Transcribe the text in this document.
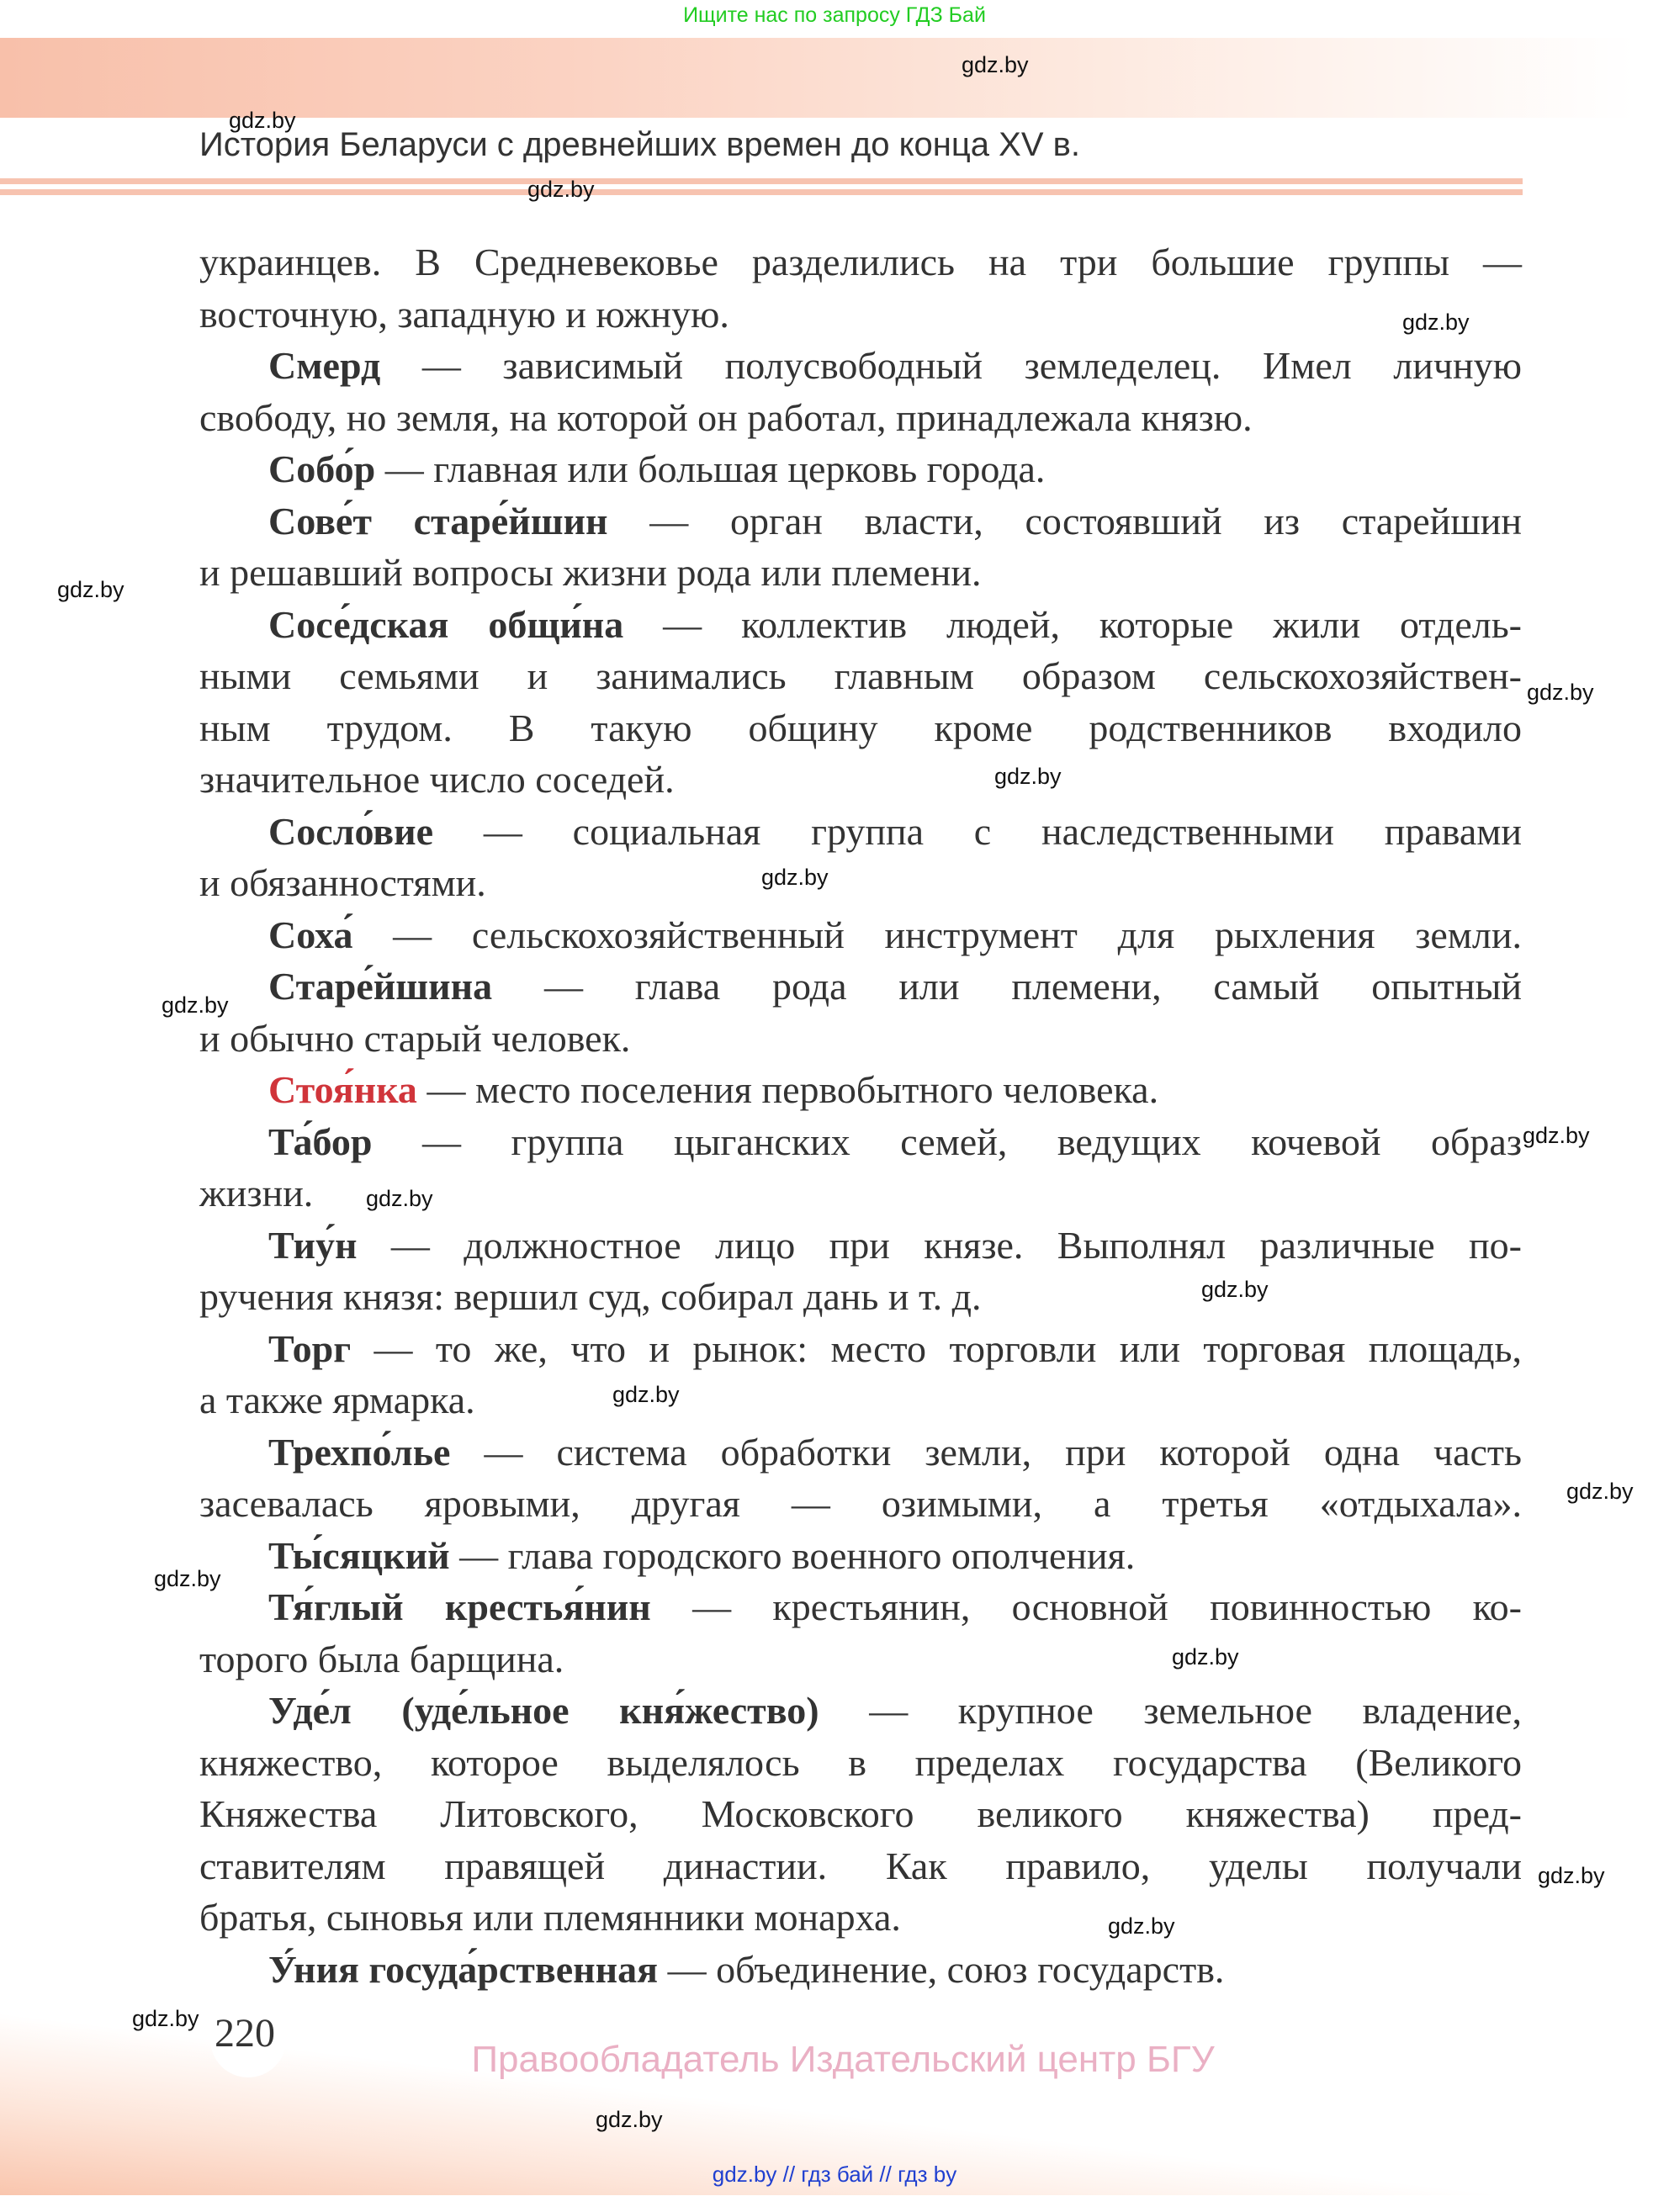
Ищите нас по запросу ГДЗ Бай
История Беларуси с древнейших времен до конца XV в.
украинцев. В Средневековье разделились на три большие группы —
восточную, западную и южную.
Смерд — зависимый полусвободный земледелец. Имел личную
свободу, но земля, на которой он работал, принадлежала князю.
Собо́р — главная или большая церковь города.
Сове́т старе́йшин — орган власти, состоявший из старейшин
и решавший вопросы жизни рода или племени.
Сосе́дская общи́на — коллектив людей, которые жили отдель-
ными семьями и занимались главным образом сельскохозяйствен-
ным трудом. В такую общину кроме родственников входило
значительное число соседей.
Сосло́вие — социальная группа с наследственными правами
и обязанностями.
Соха́ — сельскохозяйственный инструмент для рыхления земли.
Старе́йшина — глава рода или племени, самый опытный
и обычно старый человек.
Стоя́нка — место поселения первобытного человека.
Та́бор — группа цыганских семей, ведущих кочевой образ
жизни.
Тиу́н — должностное лицо при князе. Выполнял различные по-
ручения князя: вершил суд, собирал дань и т. д.
Торг — то же, что и рынок: место торговли или торговая площадь,
а также ярмарка.
Трехпо́лье — система обработки земли, при которой одна часть
засевалась яровыми, другая — озимыми, а третья «отдыхала».
Ты́сяцкий — глава городского военного ополчения.
Тя́глый крестья́нин — крестьянин, основной повинностью ко-
торого была барщина.
Уде́л (уде́льное кня́жество) — крупное земельное владение,
княжество, которое выделялось в пределах государства (Великого
Княжества Литовского, Московского великого княжества) пред-
ставителям правящей династии. Как правило, уделы получали
братья, сыновья или племянники монарха.
У́ния госуда́рственная — объединение, союз государств.
220
Правообладатель Издательский центр БГУ
gdz.by // гдз бай // гдз by
gdz.by
gdz.by
gdz.by
gdz.by
gdz.by
gdz.by
gdz.by
gdz.by
gdz.by
gdz.by
gdz.by
gdz.by
gdz.by
gdz.by
gdz.by
gdz.by
gdz.by
gdz.by
gdz.by
gdz.by
